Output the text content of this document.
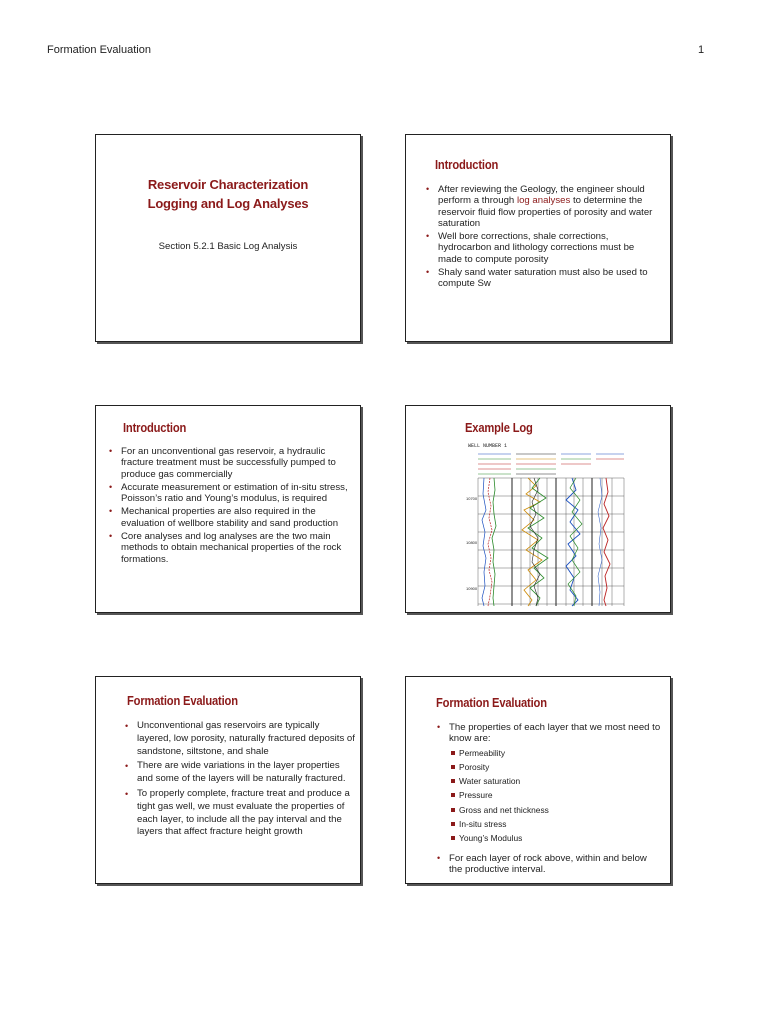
Formation Evaluation	1
Reservoir Characterization
Logging and Log Analyses
Section 5.2.1 Basic Log Analysis
Introduction
• After reviewing the Geology, the engineer should perform a through log analyses to determine the reservoir fluid flow properties of porosity and water saturation
• Well bore corrections, shale corrections, hydrocarbon and lithology corrections must be made to compute porosity
• Shaly sand water saturation must also be used to compute Sw
Introduction
• For an unconventional gas reservoir, a hydraulic fracture treatment must be successfully pumped to produce gas commercially
• Accurate measurement or estimation of in-situ stress, Poisson’s ratio and Young’s modulus, is required
• Mechanical properties are also required in the evaluation of wellbore stability and sand production
• Core analyses and log analyses are the two main methods to obtain mechanical properties of the rock formations.
Example Log
WELL NUMBER 1
10700
10800
10900
Formation Evaluation
• Unconventional gas reservoirs are typically layered, low porosity, naturally fractured deposits of sandstone, siltstone, and shale
• There are wide variations in the layer properties and some of the layers will be naturally fractured.
• To properly complete, fracture treat and produce a tight gas well, we must evaluate the properties of each layer, to include all the pay interval and the layers that affect fracture height growth
Formation Evaluation
• The properties of each layer that we most need to know are:
Permeability
Porosity
Water saturation
Pressure
Gross and net thickness
In-situ stress
Young’s Modulus
• For each layer of rock above, within and below the productive interval.
